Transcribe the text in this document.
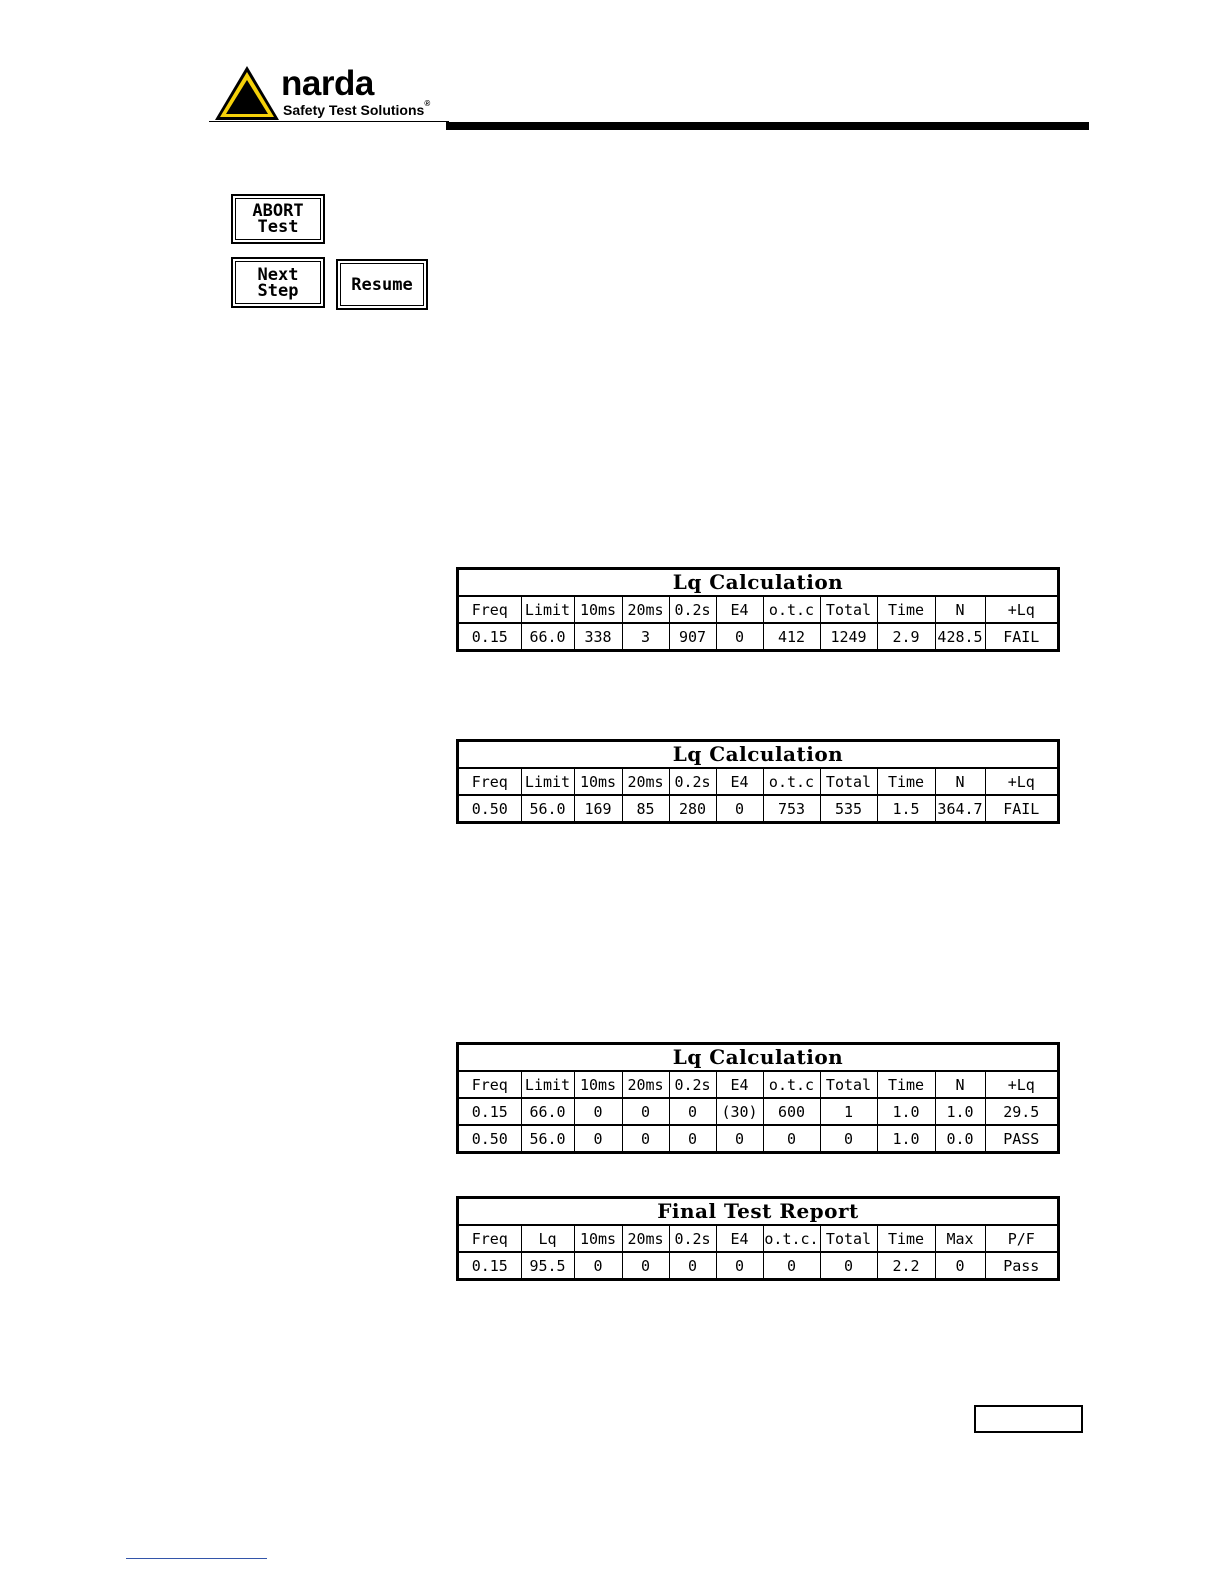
narda
Safety Test Solutions®
ABORT
Test
Next
Step	Resume
Lq Calculation
Freq	Limit	10ms	20ms	0.2s	E4	o.t.c	Total	Time	N	+Lq
0.15	66.0	338	3	907	0	412	1249	2.9	428.5	FAIL
Lq Calculation
Freq	Limit	10ms	20ms	0.2s	E4	o.t.c	Total	Time	N	+Lq
0.50	56.0	169	85	280	0	753	535	1.5	364.7	FAIL
Lq Calculation
Freq	Limit	10ms	20ms	0.2s	E4	o.t.c	Total	Time	N	+Lq
0.15	66.0	0	0	0	(30)	600	1	1.0	1.0	29.5
0.50	56.0	0	0	0	0	0	0	1.0	0.0	PASS
Final Test Report
Freq	Lq	10ms	20ms	0.2s	E4	o.t.c.	Total	Time	Max	P/F
0.15	95.5	0	0	0	0	0	0	2.2	0	Pass
